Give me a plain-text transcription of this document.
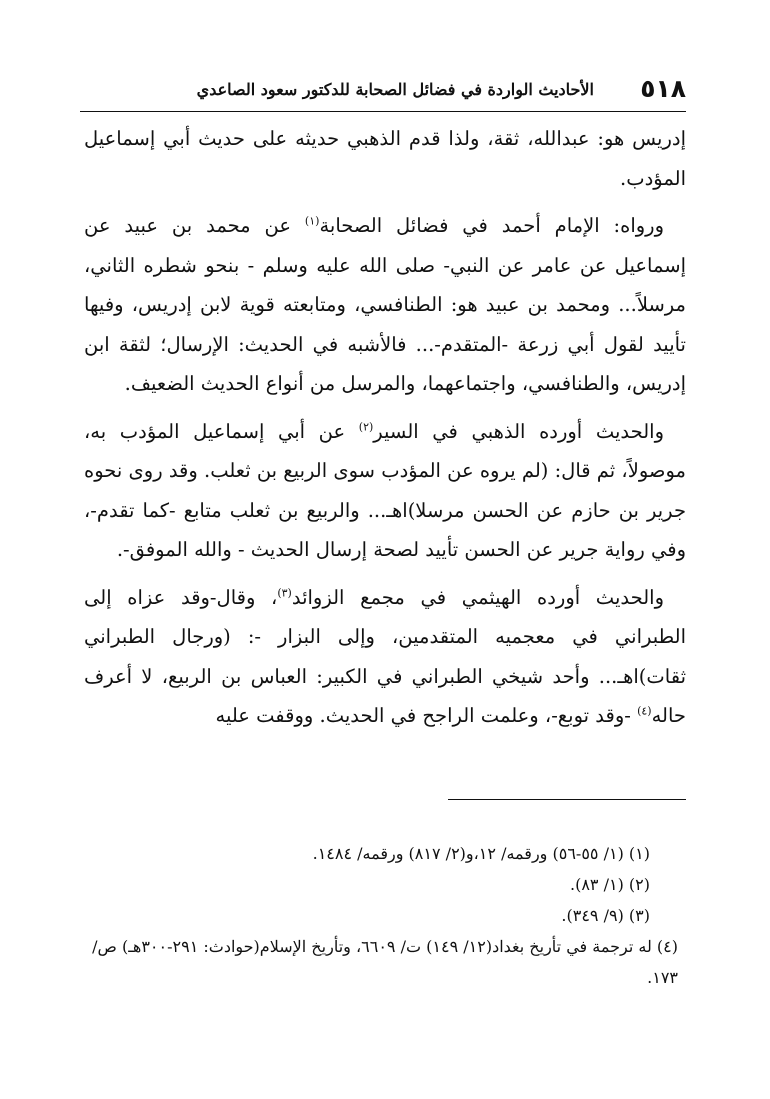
٥١٨
الأحاديث الواردة في فضائل الصحابة للدكتور سعود الصاعدي

إدريس هو: عبدالله، ثقة، ولذا قدم الذهبي حديثه على حديث أبي إسماعيل المؤدب.

ورواه: الإمام أحمد في فضائل الصحابة$^{(١)}$ عن محمد بن عبيد عن إسماعيل عن عامر عن النبي- صلى الله عليه وسلم - بنحو شطره الثاني، مرسلاً... ومحمد بن عبيد هو: الطنافسي، ومتابعته قوية لابن إدريس، وفيها تأييد لقول أبي زرعة -المتقدم-... فالأشبه في الحديث: الإرسال؛ لثقة ابن إدريس، والطنافسي، واجتماعهما، والمرسل من أنواع الحديث الضعيف.

والحديث أورده الذهبي في السير$^{(٢)}$ عن أبي إسماعيل المؤدب به، موصولاً، ثم قال: (لم يروه عن المؤدب سوى الربيع بن ثعلب. وقد روى نحوه جرير بن حازم عن الحسن مرسلا)اهـ... والربيع بن ثعلب متابع -كما تقدم-، وفي رواية جرير عن الحسن تأييد لصحة إرسال الحديث - والله الموفق-.

والحديث أورده الهيثمي في مجمع الزوائد$^{(٣)}$، وقال-وقد عزاه إلى الطبراني في معجميه المتقدمين، وإلى البزار -: (ورجال الطبراني ثقات)اهـ... وأحد شيخي الطبراني في الكبير: العباس بن الربيع، لا أعرف حاله$^{(٤)}$ -وقد توبع-، وعلمت الراجح في الحديث. ووقفت عليه

(١) (١/ ٥٥-٥٦) ورقمه/ ١٢،و(٢/ ٨١٧) ورقمه/ ١٤٨٤.

(٢) (١/ ٨٣).

(٣) (٩/ ٣٤٩).

(٤) له ترجمة في تأريخ بغداد(١٢/ ١٤٩) ت/ ٦٦٠٩، وتأريخ الإسلام(حوادث: ٢٩١-٣٠٠هـ) ص/ ١٧٣.
